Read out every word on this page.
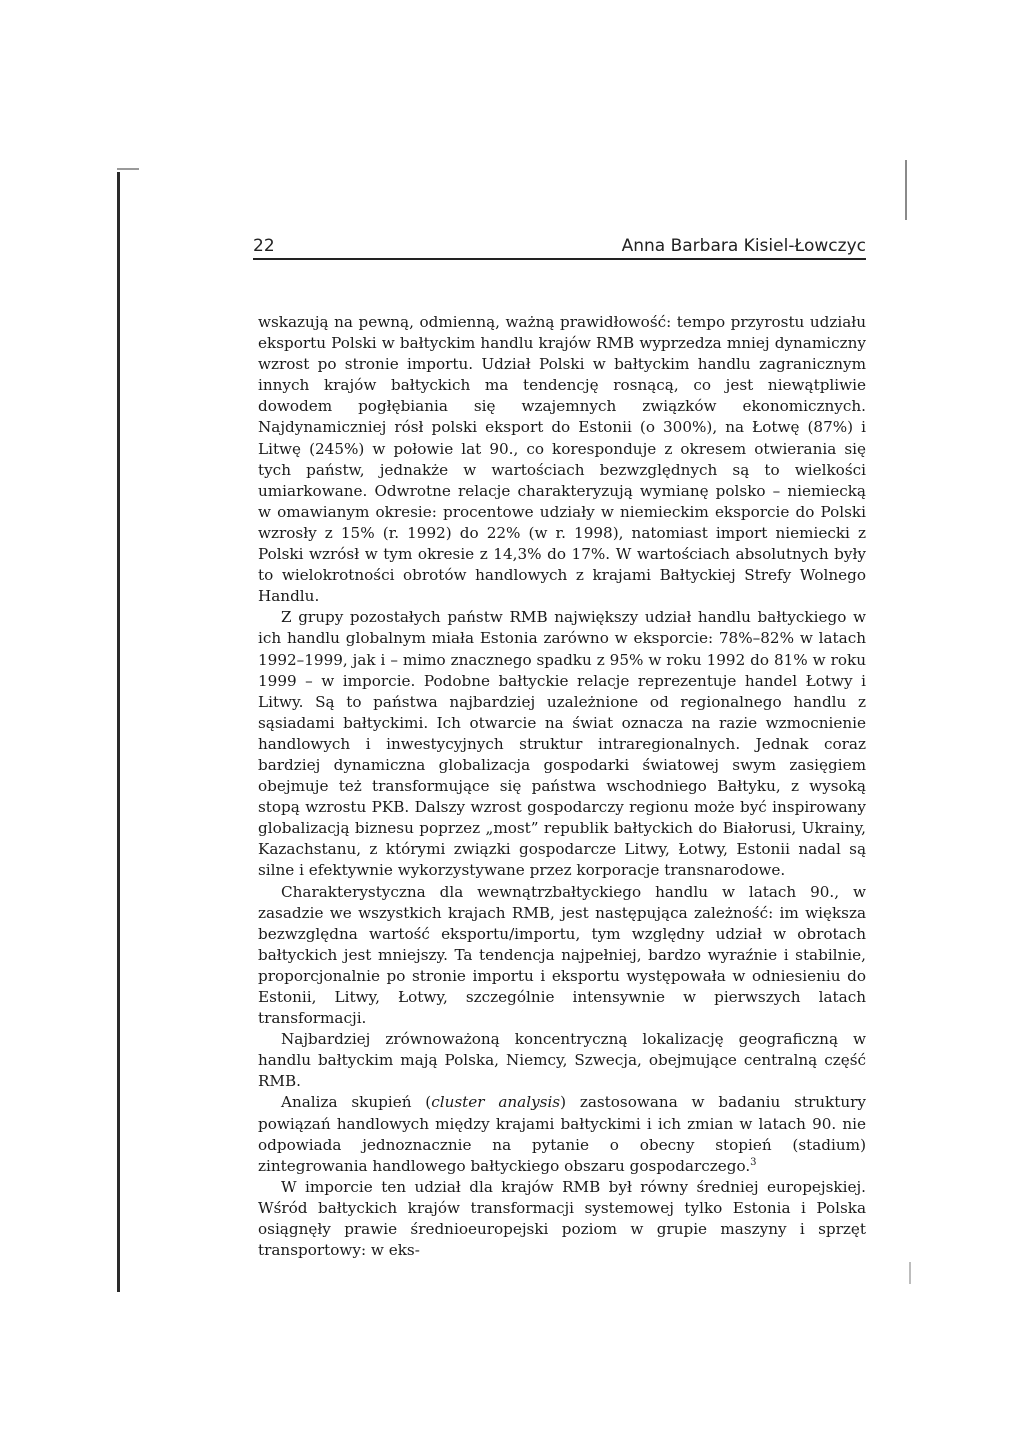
22	Anna Barbara Kisiel-Łowczyc

wskazują na pewną, odmienną, ważną prawidłowość: tempo przyrostu udziału eksportu Polski w bałtyckim handlu krajów RMB wyprzedza mniej dynamiczny wzrost po stronie importu. Udział Polski w bałtyckim handlu zagranicznym innych krajów bałtyckich ma tendencję rosnącą, co jest niewątpliwie dowodem pogłębiania się wzajemnych związków ekonomicznych. Najdynamiczniej rósł polski eksport do Estonii (o 300%), na Łotwę (87%) i Litwę (245%) w połowie lat 90., co koresponduje z okresem otwierania się tych państw, jednakże w wartościach bezwzględnych są to wielkości umiarkowane. Odwrotne relacje charakteryzują wymianę polsko – niemiecką w omawianym okresie: procentowe udziały w niemieckim eksporcie do Polski wzrosły z 15% (r. 1992) do 22% (w r. 1998), natomiast import niemiecki z Polski wzrósł w tym okresie z 14,3% do 17%. W wartościach absolutnych były to wielokrotności obrotów handlowych z krajami Bałtyckiej Strefy Wolnego Handlu.

Z grupy pozostałych państw RMB największy udział handlu bałtyckiego w ich handlu globalnym miała Estonia zarówno w eksporcie: 78%–82% w latach 1992–1999, jak i – mimo znacznego spadku z 95% w roku 1992 do 81% w roku 1999 – w imporcie. Podobne bałtyckie relacje reprezentuje handel Łotwy i Litwy. Są to państwa najbardziej uzależnione od regionalnego handlu z sąsiadami bałtyckimi. Ich otwarcie na świat oznacza na razie wzmocnienie handlowych i inwestycyjnych struktur intraregionalnych. Jednak coraz bardziej dynamiczna globalizacja gospodarki światowej swym zasięgiem obejmuje też transformujące się państwa wschodniego Bałtyku, z wysoką stopą wzrostu PKB. Dalszy wzrost gospodarczy regionu może być inspirowany globalizacją biznesu poprzez „most” republik bałtyckich do Białorusi, Ukrainy, Kazachstanu, z którymi związki gospodarcze Litwy, Łotwy, Estonii nadal są silne i efektywnie wykorzystywane przez korporacje transnarodowe.

Charakterystyczna dla wewnątrzbałtyckiego handlu w latach 90., w zasadzie we wszystkich krajach RMB, jest następująca zależność: im większa bezwzględna wartość eksportu/importu, tym względny udział w obrotach bałtyckich jest mniejszy. Ta tendencja najpełniej, bardzo wyraźnie i stabilnie, proporcjonalnie po stronie importu i eksportu występowała w odniesieniu do Estonii, Litwy, Łotwy, szczególnie intensywnie w pierwszych latach transformacji.

Najbardziej zrównoważoną koncentryczną lokalizację geograficzną w handlu bałtyckim mają Polska, Niemcy, Szwecja, obejmujące centralną część RMB.

Analiza skupień (cluster analysis) zastosowana w badaniu struktury powiązań handlowych między krajami bałtyckimi i ich zmian w latach 90. nie odpowiada jednoznacznie na pytanie o obecny stopień (stadium) zintegrowania handlowego bałtyckiego obszaru gospodarczego.$^3$

W imporcie ten udział dla krajów RMB był równy średniej europejskiej. Wśród bałtyckich krajów transformacji systemowej tylko Estonia i Polska osiągnęły prawie średnioeuropejski poziom w grupie maszyny i sprzęt transportowy: w eks-
